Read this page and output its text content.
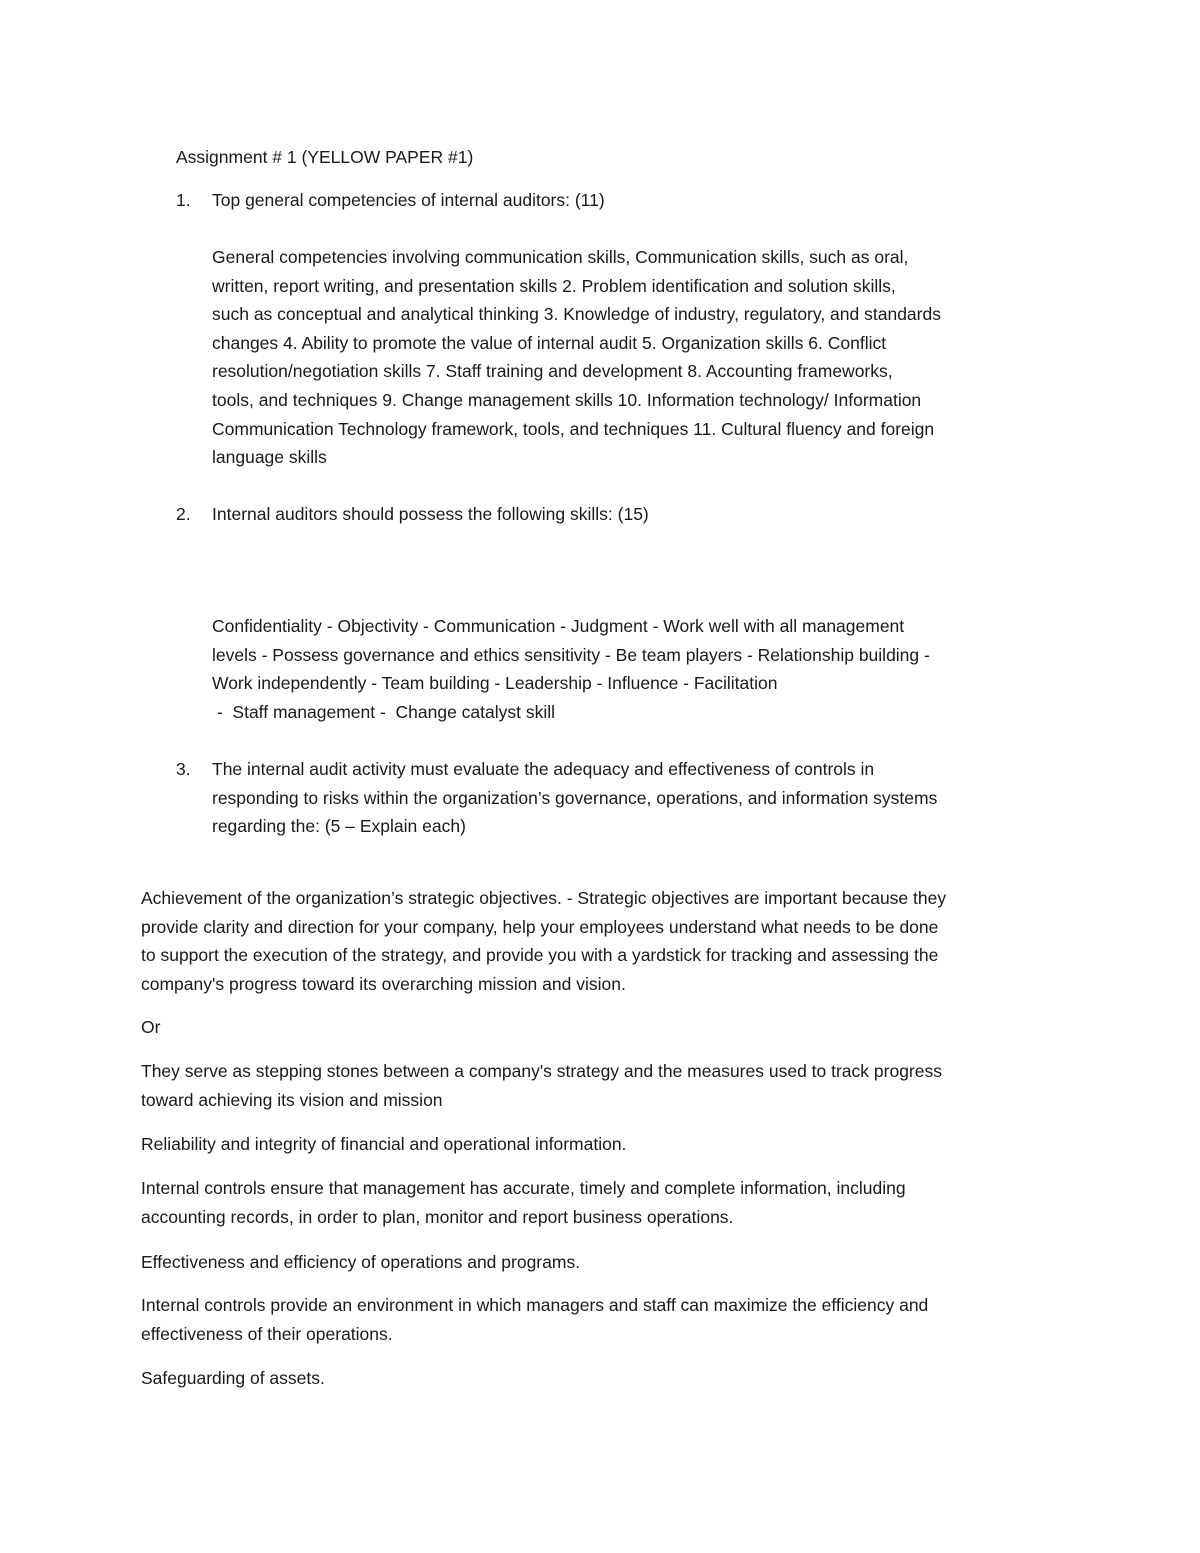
Assignment # 1 (YELLOW PAPER #1)

1. Top general competencies of internal auditors: (11)

General competencies involving communication skills, Communication skills, such as oral,
written, report writing, and presentation skills 2. Problem identification and solution skills,
such as conceptual and analytical thinking 3. Knowledge of industry, regulatory, and standards
changes 4. Ability to promote the value of internal audit 5. Organization skills 6. Conflict
resolution/negotiation skills 7. Staff training and development 8. Accounting frameworks,
tools, and techniques 9. Change management skills 10. Information technology/ Information
Communication Technology framework, tools, and techniques 11. Cultural fluency and foreign
language skills
2. Internal auditors should possess the following skills: (15)

Confidentiality - Objectivity - Communication - Judgment - Work well with all management
levels - Possess governance and ethics sensitivity - Be team players - Relationship building -
Work independently - Team building - Leadership - Influence - Facilitation
-  Staff management -  Change catalyst skill
3. The internal audit activity must evaluate the adequacy and effectiveness of controls in
responding to risks within the organization’s governance, operations, and information systems
regarding the: (5 – Explain each)
Achievement of the organization’s strategic objectives. - Strategic objectives are important because they
provide clarity and direction for your company, help your employees understand what needs to be done
to support the execution of the strategy, and provide you with a yardstick for tracking and assessing the
company's progress toward its overarching mission and vision.

Or

They serve as stepping stones between a company's strategy and the measures used to track progress
toward achieving its vision and mission

Reliability and integrity of financial and operational information.

Internal controls ensure that management has accurate, timely and complete information, including
accounting records, in order to plan, monitor and report business operations.

Effectiveness and efficiency of operations and programs.

Internal controls provide an environment in which managers and staff can maximize the efficiency and
effectiveness of their operations.

Safeguarding of assets.
